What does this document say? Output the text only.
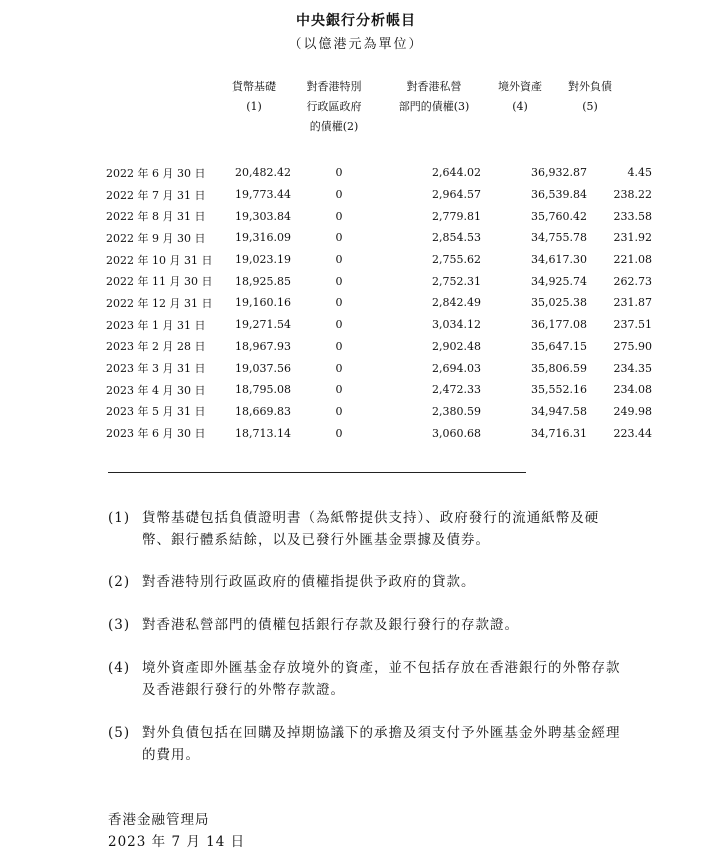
中央銀行分析帳目
（以億港元為單位）
貨幣基礎
(1)
對香港特別
行政區政府
的債權(2)
對香港私營
部門的債權(3)
境外資產
(4)
對外負債
(5)
2022 年 6 月 30 日	20,482.42	0	2,644.02	36,932.87	4.45
2022 年 7 月 31 日	19,773.44	0	2,964.57	36,539.84	238.22
2022 年 8 月 31 日	19,303.84	0	2,779.81	35,760.42	233.58
2022 年 9 月 30 日	19,316.09	0	2,854.53	34,755.78	231.92
2022 年 10 月 31 日	19,023.19	0	2,755.62	34,617.30	221.08
2022 年 11 月 30 日	18,925.85	0	2,752.31	34,925.74	262.73
2022 年 12 月 31 日	19,160.16	0	2,842.49	35,025.38	231.87
2023 年 1 月 31 日	19,271.54	0	3,034.12	36,177.08	237.51
2023 年 2 月 28 日	18,967.93	0	2,902.48	35,647.15	275.90
2023 年 3 月 31 日	19,037.56	0	2,694.03	35,806.59	234.35
2023 年 4 月 30 日	18,795.08	0	2,472.33	35,552.16	234.08
2023 年 5 月 31 日	18,669.83	0	2,380.59	34,947.58	249.98
2023 年 6 月 30 日	18,713.14	0	3,060.68	34,716.31	223.44
(1) 貨幣基礎包括負債證明書（為紙幣提供支持）、政府發行的流通紙幣及硬幣、銀行體系結餘，以及已發行外匯基金票據及債券。
(2) 對香港特別行政區政府的債權指提供予政府的貸款。
(3) 對香港私營部門的債權包括銀行存款及銀行發行的存款證。
(4) 境外資產即外匯基金存放境外的資產，並不包括存放在香港銀行的外幣存款及香港銀行發行的外幣存款證。
(5) 對外負債包括在回購及掉期協議下的承擔及須支付予外匯基金外聘基金經理的費用。
香港金融管理局
2023 年 7 月 14 日
